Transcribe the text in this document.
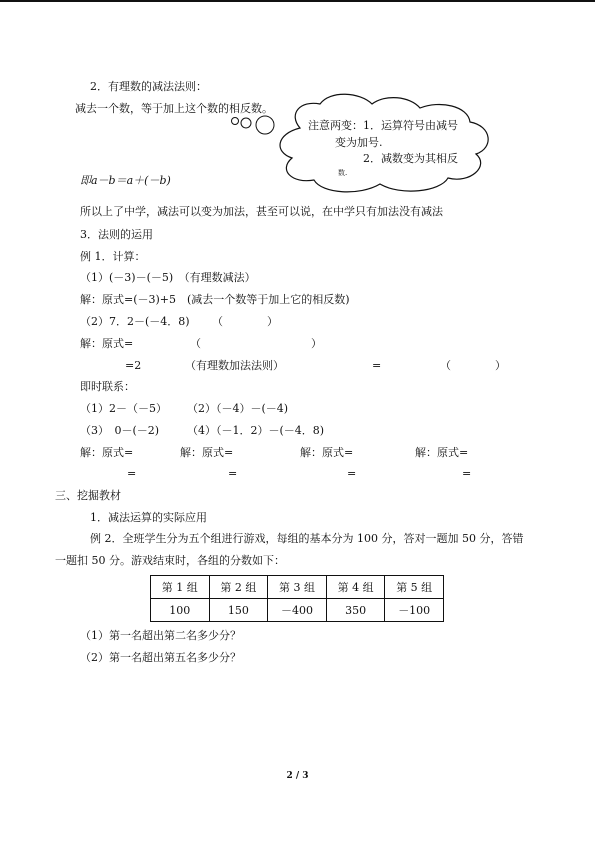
2．有理数的减法法则：
减去一个数，等于加上这个数的相反数。
注意两变：1．运算符号由减号
变为加号.
2．减数变为其相反
数.
即a－b＝a＋(－b)
所以上了中学，减法可以变为加法，甚至可以说，在中学只有加法没有减法
3．法则的运用
例 1．计算：
（1）(－3)－(－5)　（有理数减法）
解：原式=(－3)+5　(减去一个数等于加上它的相反数)
（2）7．2－(－4．8) （　　　　）
解：原式=	（　　　　　　　　　　）
=2	（有理数加法法则）	=	（　　　　）
即时联系：
（1）2－（－5） （2）（－4）－(－4)
（3）　0－(－2)	（4）（－1．2）－(－4．8)
解：原式=	解：原式=	解：原式=	解：原式=
=	=	=	=
三、挖掘教材
1．减法运算的实际应用
例 2．全班学生分为五个组进行游戏，每组的基本分为 100 分，答对一题加 50 分，答错
一题扣 50 分。游戏结束时，各组的分数如下：
第 1 组	第 2 组	第 3 组	第 4 组	第 5 组
100	150	－400	350	－100
（1）第一名超出第二名多少分？
（2）第一名超出第五名多少分？
2 / 3
